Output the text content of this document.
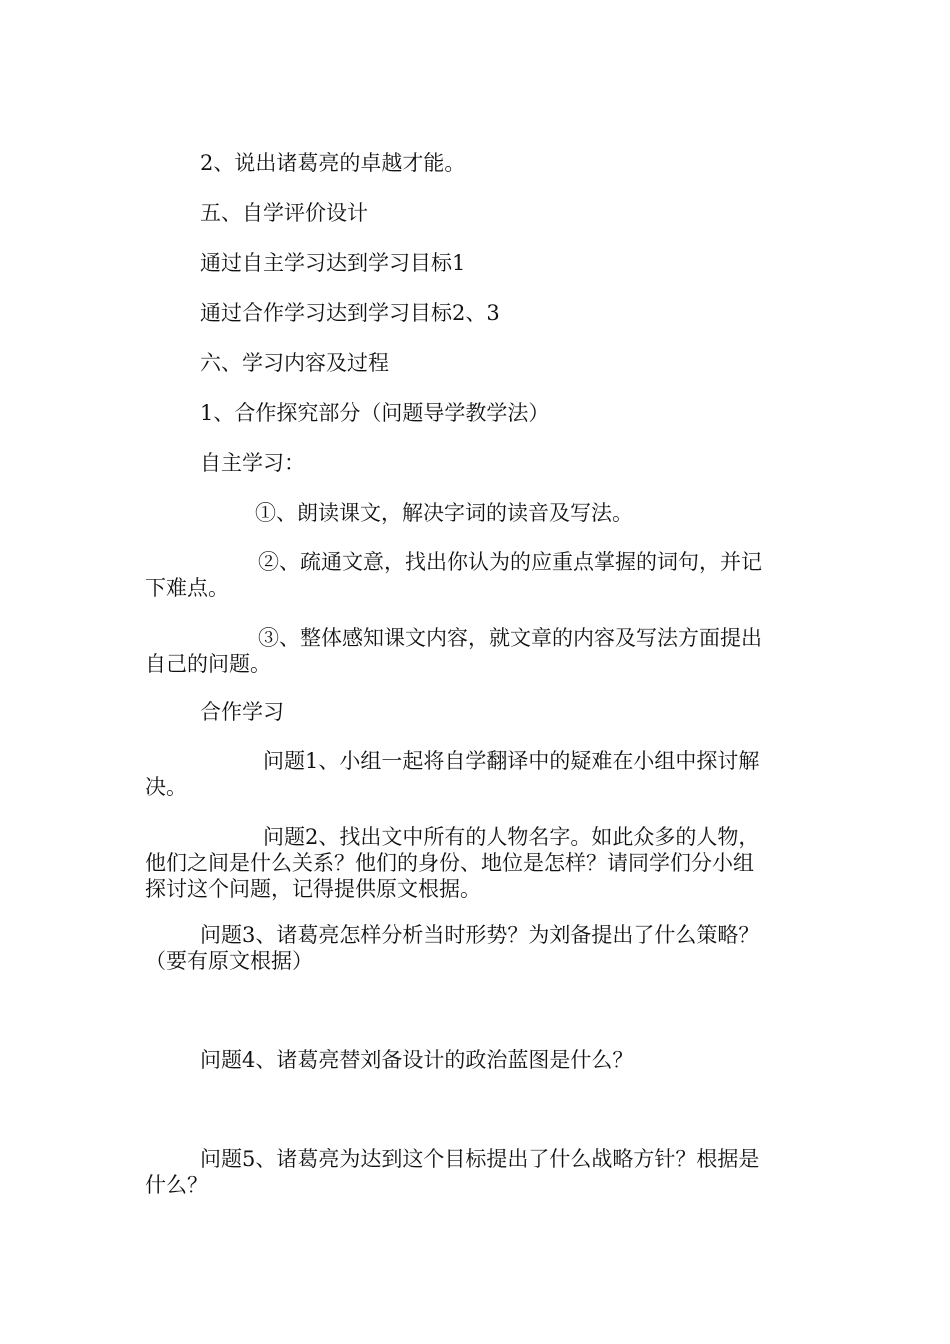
2、说出诸葛亮的卓越才能。
五、自学评价设计
通过自主学习达到学习目标1
通过合作学习达到学习目标2、3
六、学习内容及过程
1、合作探究部分（问题导学教学法）
自主学习：
①、朗读课文，解决字词的读音及写法。
②、疏通文意，找出你认为的应重点掌握的词句，并记
下难点。
③、整体感知课文内容，就文章的内容及写法方面提出
自己的问题。
合作学习
问题1、小组一起将自学翻译中的疑难在小组中探讨解
决。
问题2、找出文中所有的人物名字。如此众多的人物，
他们之间是什么关系？他们的身份、地位是怎样？请同学们分小组
探讨这个问题，记得提供原文根据。
问题3、诸葛亮怎样分析当时形势？为刘备提出了什么策略？
（要有原文根据）
问题4、诸葛亮替刘备设计的政治蓝图是什么？
问题5、诸葛亮为达到这个目标提出了什么战略方针？根据是
什么？
